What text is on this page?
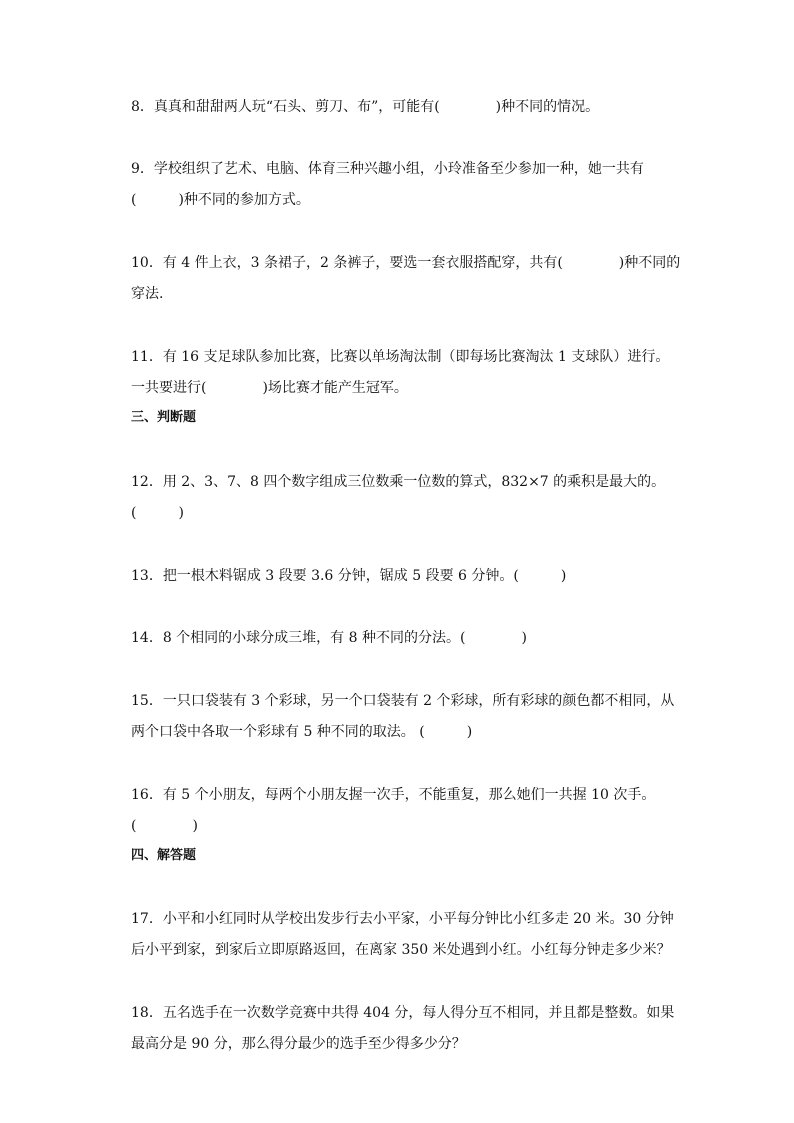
8．真真和甜甜两人玩“石头、剪刀、布”，可能有(　　　　)种不同的情况。
9．学校组织了艺术、电脑、体育三种兴趣小组，小玲准备至少参加一种，她一共有
(　　　)种不同的参加方式。
10．有 4 件上衣，3 条裙子，2 条裤子，要选一套衣服搭配穿，共有(　　　　)种不同的
穿法.
11．有 16 支足球队参加比赛，比赛以单场淘汰制（即每场比赛淘汰 1 支球队）进行。
一共要进行(　　　　)场比赛才能产生冠军。
三、判断题
12．用 2、3、7、8 四个数字组成三位数乘一位数的算式，832×7 的乘积是最大的。
(　　　)
13．把一根木料锯成 3 段要 3.6 分钟，锯成 5 段要 6 分钟。(　　　)
14．8 个相同的小球分成三堆，有 8 种不同的分法。(　　　　)
15．一只口袋装有 3 个彩球，另一个口袋装有 2 个彩球，所有彩球的颜色都不相同，从
两个口袋中各取一个彩球有 5 种不同的取法。 (　　　)
16．有 5 个小朋友，每两个小朋友握一次手，不能重复，那么她们一共握 10 次手。
(　　　　)
四、解答题
17．小平和小红同时从学校出发步行去小平家，小平每分钟比小红多走 20 米。30 分钟
后小平到家，到家后立即原路返回，在离家 350 米处遇到小红。小红每分钟走多少米？
18．五名选手在一次数学竞赛中共得 404 分，每人得分互不相同，并且都是整数。如果
最高分是 90 分，那么得分最少的选手至少得多少分？
